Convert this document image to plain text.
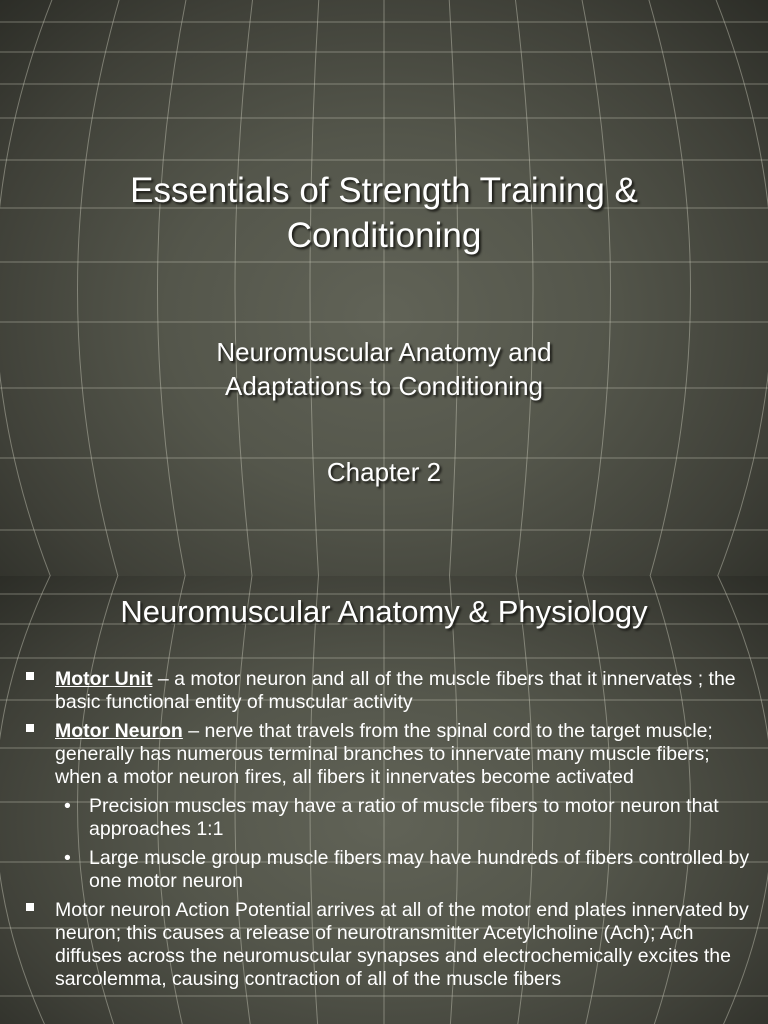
Essentials of Strength Training &
Conditioning
Neuromuscular Anatomy and
Adaptations to Conditioning
Chapter 2
Neuromuscular Anatomy & Physiology
Motor Unit – a motor neuron and all of the muscle fibers that it innervates ; the basic functional entity of muscular activity
Motor Neuron – nerve that travels from the spinal cord to the target muscle; generally has numerous terminal branches to innervate many muscle fibers; when a motor neuron fires, all fibers it innervates become activated
• Precision muscles may have a ratio of muscle fibers to motor neuron that approaches 1:1
• Large muscle group muscle fibers may have hundreds of fibers controlled by one motor neuron
Motor neuron Action Potential arrives at all of the motor end plates innervated by neuron; this causes a release of neurotransmitter Acetylcholine (Ach); Ach diffuses across the neuromuscular synapses and electrochemically excites the sarcolemma, causing contraction of all of the muscle fibers
